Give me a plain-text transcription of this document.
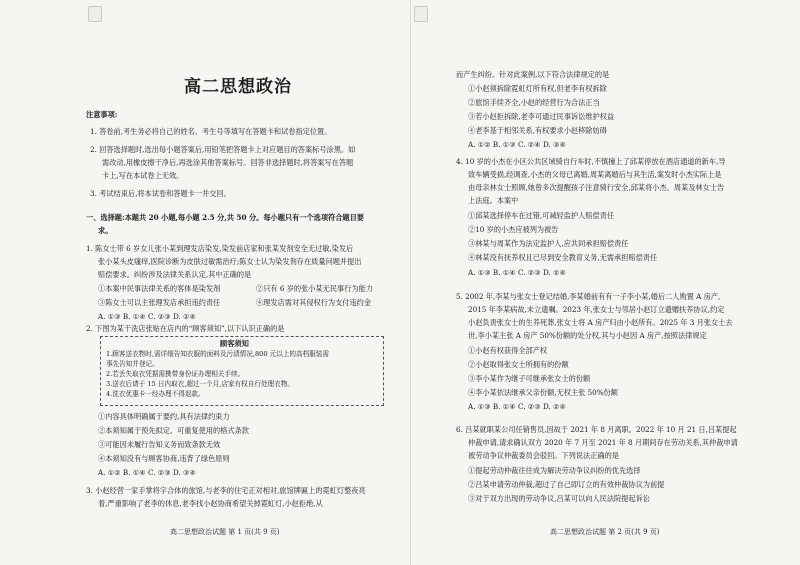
高二思想政治
注意事项:
1. 答卷前,考生务必将自己的姓名、考生号等填写在答题卡和试卷指定位置。
2. 回答选择题时,选出每小题答案后,用铅笔把答题卡上对应题目的答案标号涂黑。如
需改动,用橡皮擦干净后,再选涂其他答案标号。回答非选择题时,将答案写在答题
卡上,写在本试卷上无效。
3. 考试结束后,将本试卷和答题卡一并交回。
一、选择题:本题共 20 小题,每小题 2.5 分,共 50 分。每小题只有一个选项符合题目要
求。
1. 陈女士带 6 岁女儿张小某到理发店染发,染发前店家和张某发剂安全无过敏,染发后
张小某头皮瘙痒,医院诊断为皮肤过敏需治疗;陈女士认为染发剂存在质量问题并提出
赔偿要求。纠纷涉及法律关系认定,其中正确的是
①本案中民事法律关系的客体是染发剂	②只有 6 岁的张小某无民事行为能力
③陈女士可以主张理发店承担违约责任	④理发店需对其侵权行为支付违约金
A. ①③ B. ①④ C. ②③ D. ②④
2. 下图为某干洗店张贴在店内的“顾客须知”,以下认识正确的是
顾客须知
1.顾客送衣物时,需详细告知衣服的面料及污渍情况,800 元以上的高档服装需
事先告知并登记。
2.若丢失取衣凭据需携带身份证办理相关手续。
3.送衣后请于 15 日内取衣,超过一个月,店家有权自行处理衣物。
4.洗衣优惠卡一经办理不得退款。
①内容具体明确属于要约,具有法律约束力
②本须知属于预先拟定、可重复使用的格式条款
③可能因未履行告知义务而致条款无效
④本须知没有与顾客协商,违背了绿色原则
A. ①② B. ①④ C. ②③ D. ③④
3. 小赵经营一家手掌将字合体的旅馆,与老李的住宅正对相对,旅馆牌匾上的霓虹灯整夜亮
着,严重影响了老李的休息,老李找小赵协商希望关掉霓虹灯,小赵拒绝,从
高二思想政治试题 第 1 页(共 9 页)
而产生纠纷。针对此案例,以下符合法律规定的是
①小赵须拆除霓虹灯所有权,但老李有权拆除
②旅馆手续齐全,小赵的经营行为合法正当
③若小赵拒拆除,老李可通过民事诉讼维护权益
④老李基于相邻关系,有权要求小赵移除妨碍
A. ①② B. ①③ C. ②④ D. ③④
4. 10 岁的小杰在小区公共区域骑自行车时,不慎撞上了邱某停放在酒店通道的新车,导
致车辆受损,经调查,小杰的父母已离婚,周某离婚后与其生活,案发时小杰实际上是
由母亲林女士照顾,她曾多次提醒孩子注意骑行安全,邱某将小杰、周某及林女士告
上法庭。本案中
①邱某选择停车在过错,可减轻监护人赔偿责任
②10 岁的小杰应被列为被告
③林某与周某作为法定监护人,应共同承担赔偿责任
④林某没有抚养权且已尽到安全教育义务,无需承担赔偿责任
A. ①③ B. ①④ C. ②③ D. ②④
5. 2002 年,李某与张女士登记结婚,李某婚前有有一子李小某,婚后二人购置 A 房产,
2015 年李某病故,未立遗嘱。2023 年,张女士与邻居小赵订立遗赠扶养协议,约定
小赵负责张女士的生养死葬,张女士将 A 房产归由小赵所有。2025 年 3 月张女士去
世,李小某主张 A 房产 50%份额的处分权,其与小赵因 A 房产,按照法律规定
①小赵有权获得全部产权
②小赵取得张女士所拥有的份额
③李小某作为继子可继承张女士的份额
④李小某依法继承父亲份额,无权主张 50%份额
A. ①③ B. ①④ C. ②③ D. ②④
6. 吕某就职某公司任销售员,因故于 2021 年 8 月离职。2022 年 10 月 21 日,吕某提起
仲裁申请,请求确认双方 2020 年 7 月至 2021 年 8 月期间存在劳动关系,其仲裁申请
被劳动争议仲裁委员会驳回。下列说法正确的是
①提起劳动仲裁往往成为解决劳动争议纠纷的优先选择
②吕某申请劳动仲裁,超过了自己即订立的有效仲裁协议为前提
③对于双方出现的劳动争议,吕某可以向人民法院提起诉讼
高二思想政治试题 第 2 页(共 9 页)
